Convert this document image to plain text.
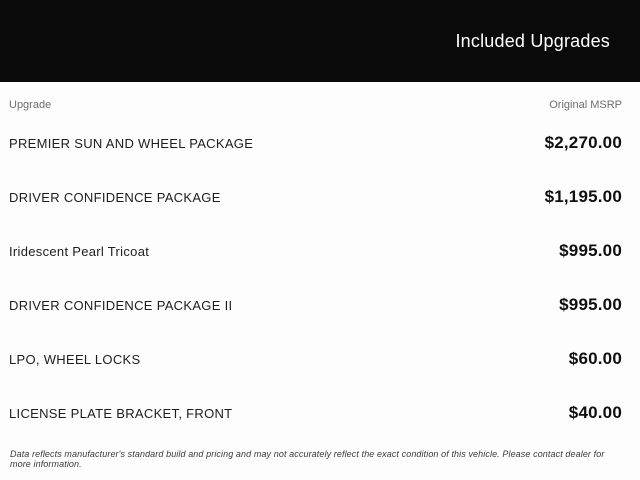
Included Upgrades
Upgrade	Original MSRP
PREMIER SUN AND WHEEL PACKAGE	$2,270.00
DRIVER CONFIDENCE PACKAGE	$1,195.00
Iridescent Pearl Tricoat	$995.00
DRIVER CONFIDENCE PACKAGE II	$995.00
LPO, WHEEL LOCKS	$60.00
LICENSE PLATE BRACKET, FRONT	$40.00
Data reflects manufacturer's standard build and pricing and may not accurately reflect the exact condition of this vehicle. Please contact dealer for more information.
